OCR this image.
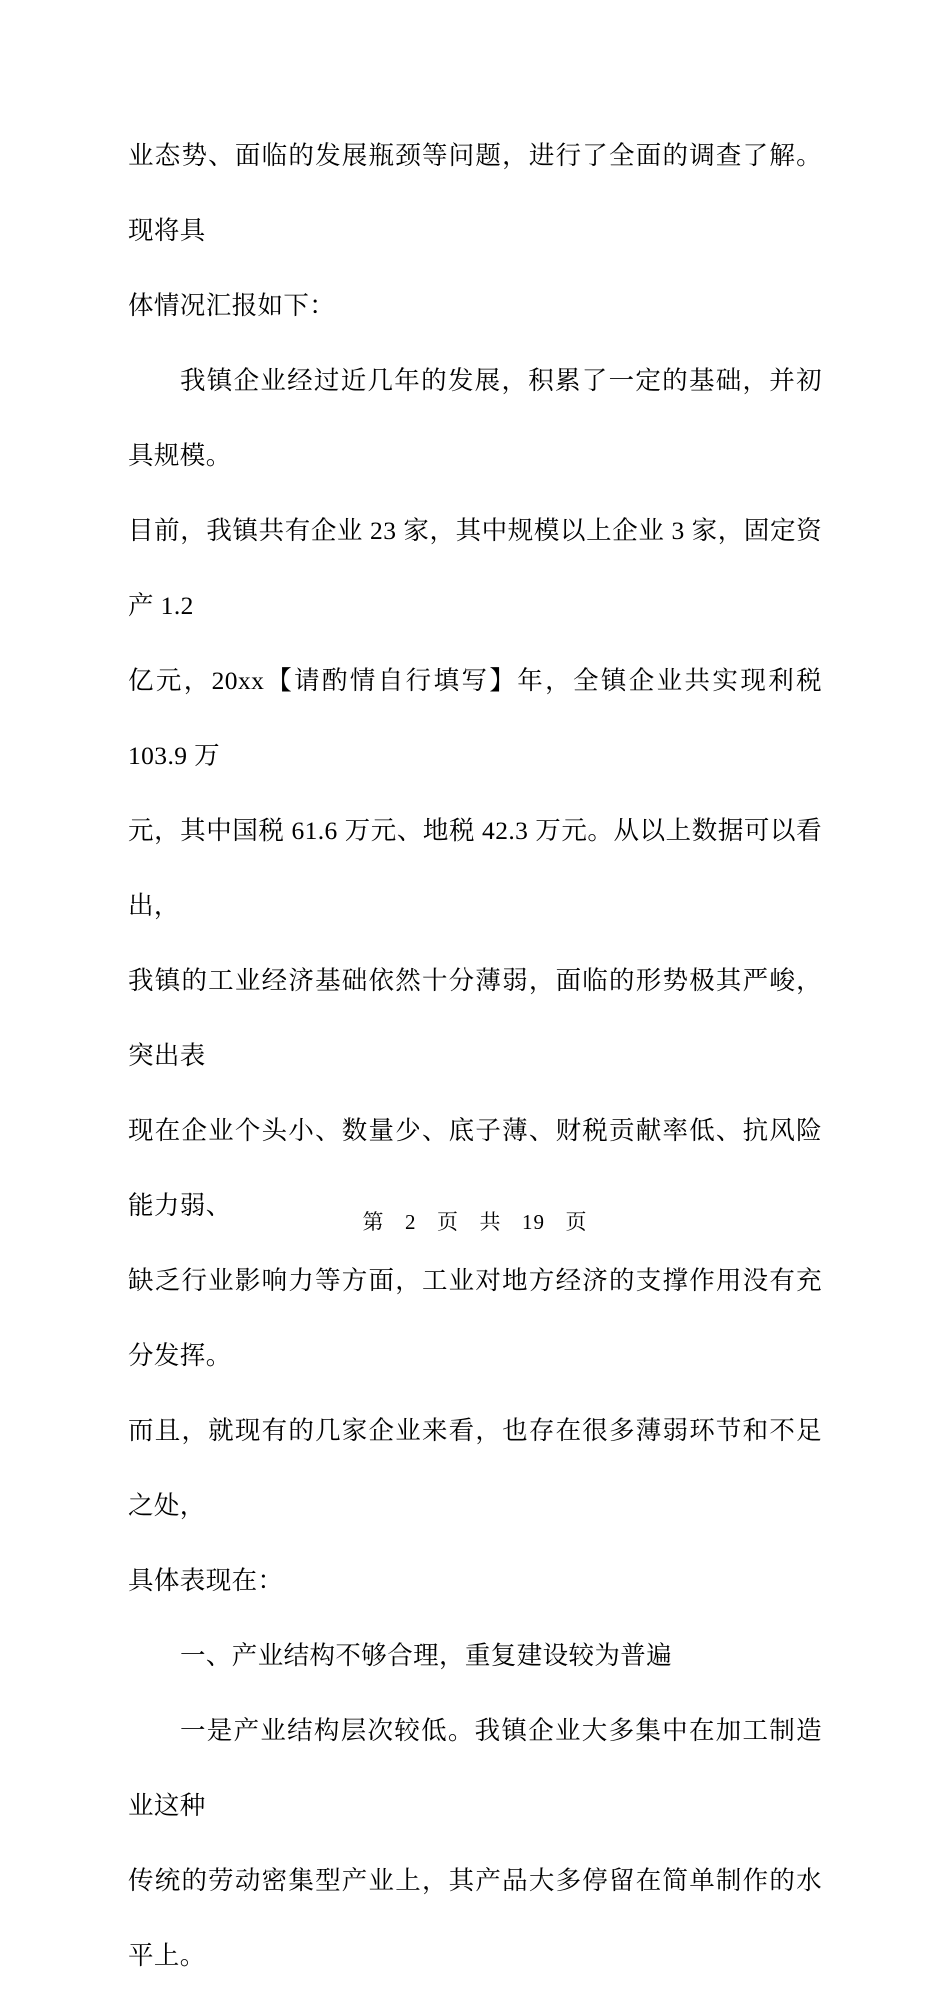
业态势、面临的发展瓶颈等问题，进行了全面的调查了解。现将具

体情况汇报如下：

我镇企业经过近几年的发展，积累了一定的基础，并初具规模。

目前，我镇共有企业 23 家，其中规模以上企业 3 家，固定资产 1.2

亿元，20xx【请酌情自行填写】年，全镇企业共实现利税 103.9 万

元，其中国税 61.6 万元、地税 42.3 万元。从以上数据可以看出，

我镇的工业经济基础依然十分薄弱，面临的形势极其严峻，突出表

现在企业个头小、数量少、底子薄、财税贡献率低、抗风险能力弱、

缺乏行业影响力等方面，工业对地方经济的支撑作用没有充分发挥。

而且，就现有的几家企业来看，也存在很多薄弱环节和不足之处，

具体表现在：

一、产业结构不够合理，重复建设较为普遍

一是产业结构层次较低。我镇企业大多集中在加工制造业这种

传统的劳动密集型产业上，其产品大多停留在简单制作的水平上。

第 2 页 共 19 页
